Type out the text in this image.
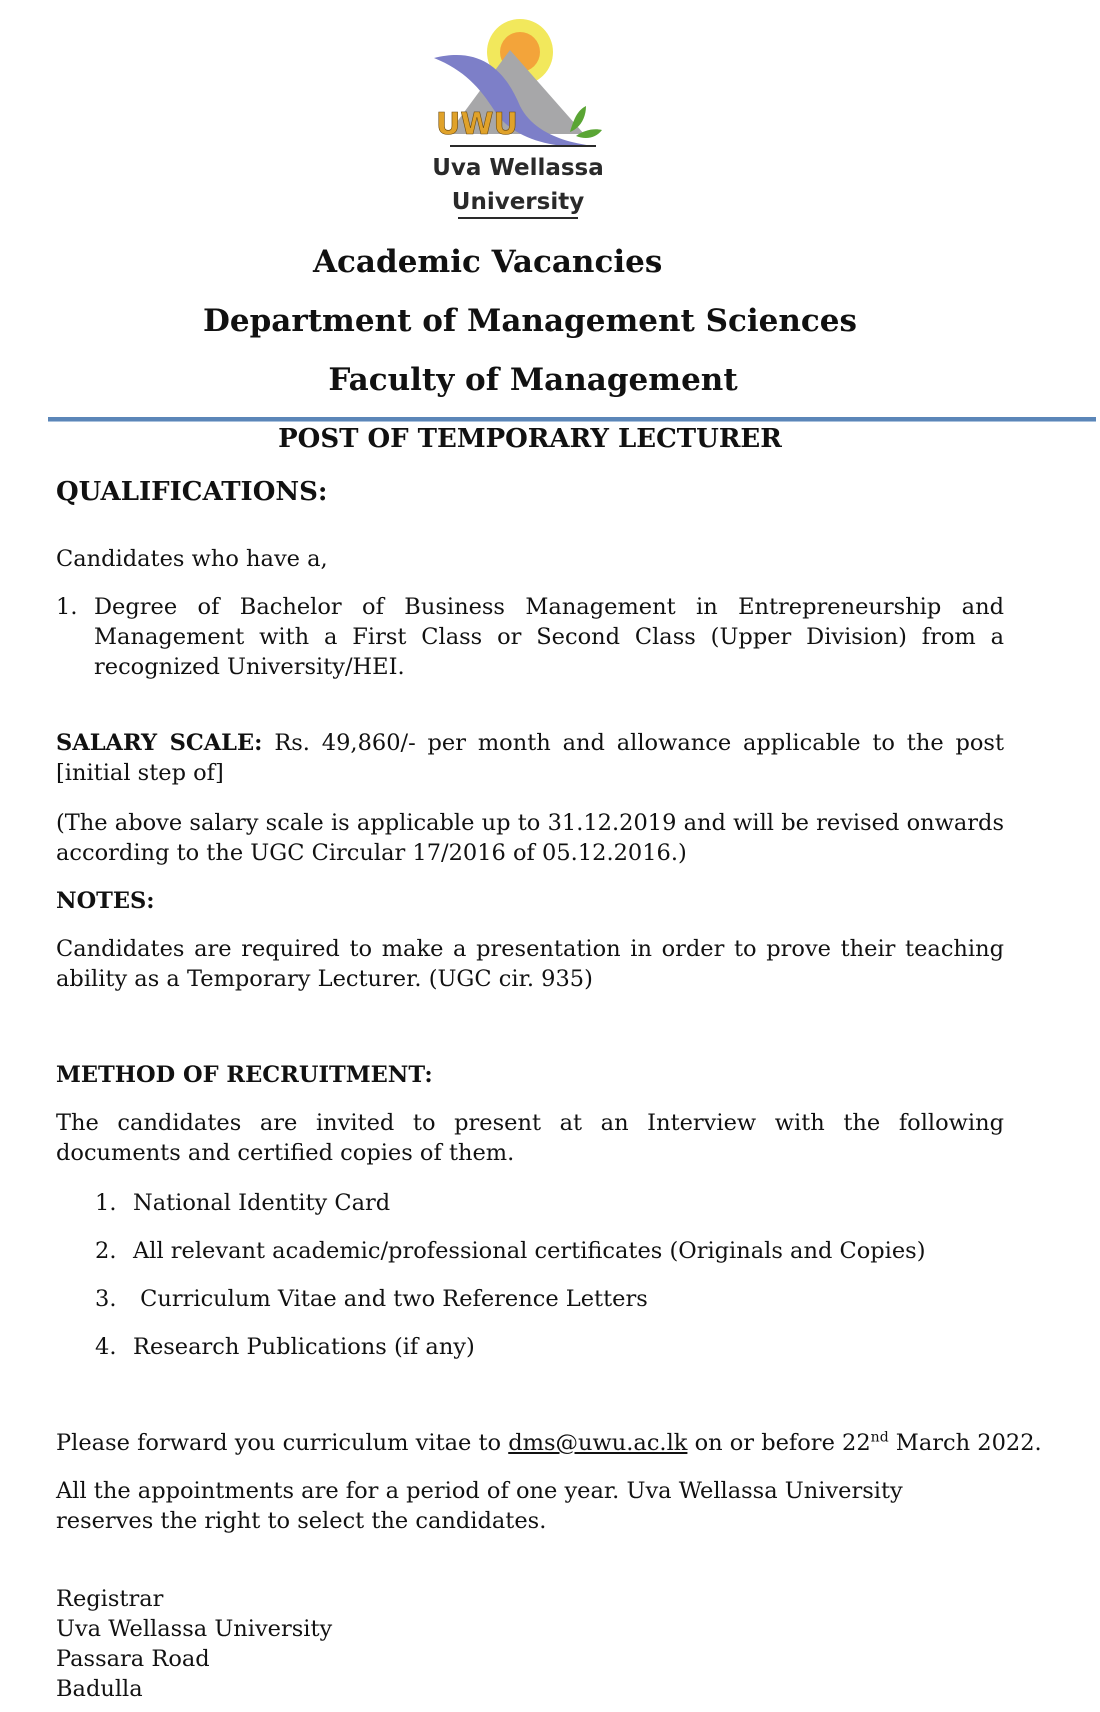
UWU
Uva Wellassa
University
Academic Vacancies
Department of Management Sciences
Faculty of Management
POST OF TEMPORARY LECTURER
QUALIFICATIONS:
Candidates who have a,
1. Degree of Bachelor of Business Management in Entrepreneurship and Management with a First Class or Second Class (Upper Division) from a recognized University/HEI.
SALARY SCALE: Rs. 49,860/- per month and allowance applicable to the post [initial step of]
(The above salary scale is applicable up to 31.12.2019 and will be revised onwards according to the UGC Circular 17/2016 of 05.12.2016.)
NOTES:
Candidates are required to make a presentation in order to prove their teaching ability as a Temporary Lecturer. (UGC cir. 935)
METHOD OF RECRUITMENT:
The candidates are invited to present at an Interview with the following documents and certified copies of them.
1. National Identity Card
2. All relevant academic/professional certificates (Originals and Copies)
3. Curriculum Vitae and two Reference Letters
4. Research Publications (if any)
Please forward you curriculum vitae to dms@uwu.ac.lk on or before 22nd March 2022.
All the appointments are for a period of one year. Uva Wellassa University reserves the right to select the candidates.
Registrar
Uva Wellassa University
Passara Road
Badulla
